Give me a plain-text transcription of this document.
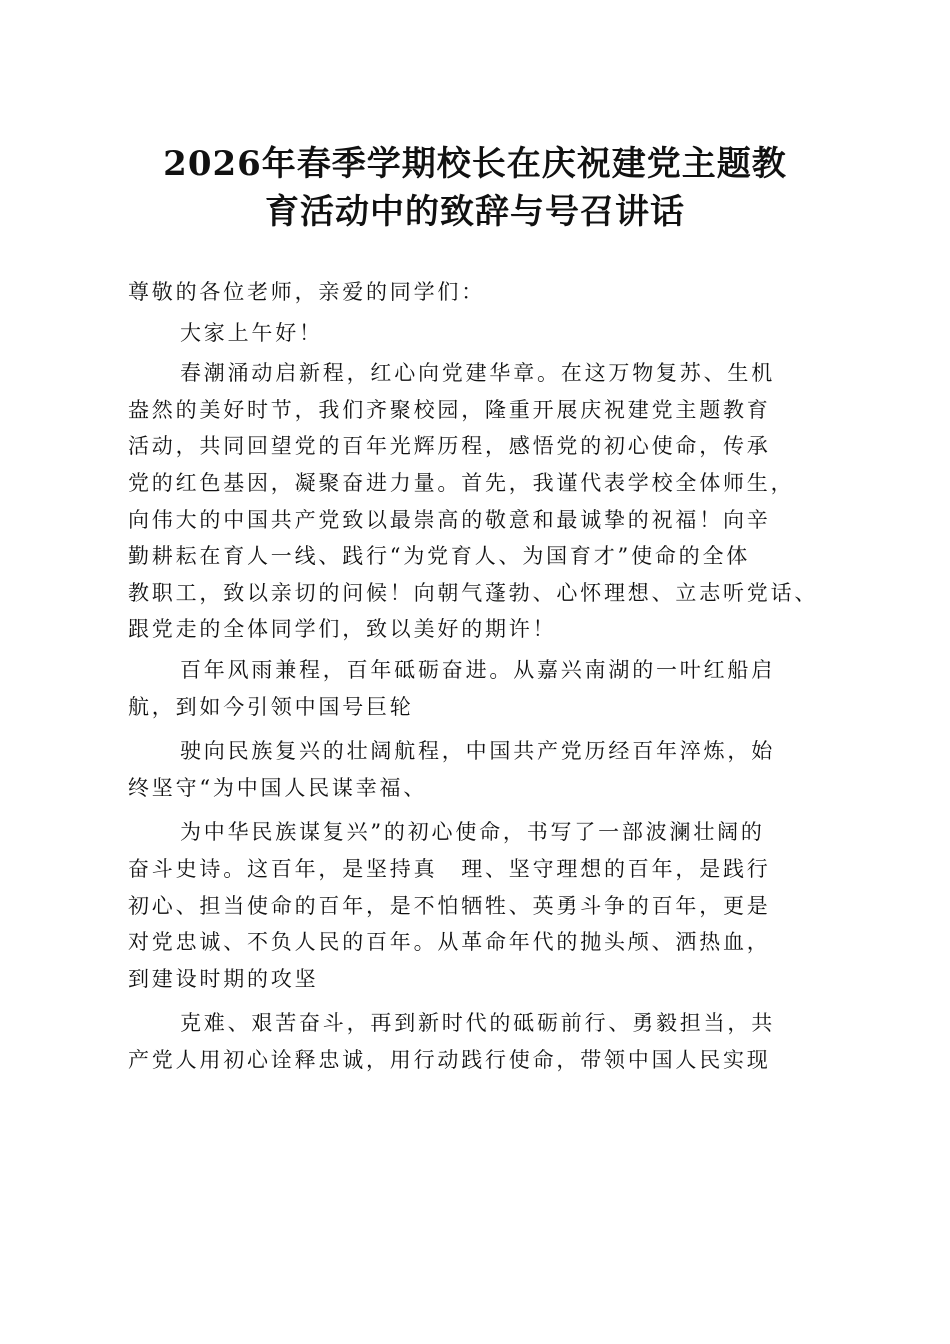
2026年春季学期校长在庆祝建党主题教
育活动中的致辞与号召讲话

尊敬的各位老师，亲爱的同学们：

大家上午好！

春潮涌动启新程，红心向党建华章。在这万物复苏、生机
盎然的美好时节，我们齐聚校园，隆重开展庆祝建党主题教育
活动，共同回望党的百年光辉历程，感悟党的初心使命，传承
党的红色基因，凝聚奋进力量。首先，我谨代表学校全体师生，
向伟大的中国共产党致以最崇高的敬意和最诚挚的祝福！向辛
勤耕耘在育人一线、践行“为党育人、为国育才”使命的全体
教职工，致以亲切的问候！向朝气蓬勃、心怀理想、立志听党话、
跟党走的全体同学们，致以美好的期许！

百年风雨兼程，百年砥砺奋进。从嘉兴南湖的一叶红船启
航，到如今引领中国号巨轮

驶向民族复兴的壮阔航程，中国共产党历经百年淬炼，始
终坚守“为中国人民谋幸福、

为中华民族谋复兴”的初心使命，书写了一部波澜壮阔的
奋斗史诗。这百年，是坚持真　理、坚守理想的百年，是践行
初心、担当使命的百年，是不怕牺牲、英勇斗争的百年，更是
对党忠诚、不负人民的百年。从革命年代的抛头颅、洒热血，
到建设时期的攻坚

克难、艰苦奋斗，再到新时代的砥砺前行、勇毅担当，共
产党人用初心诠释忠诚，用行动践行使命，带领中国人民实现
